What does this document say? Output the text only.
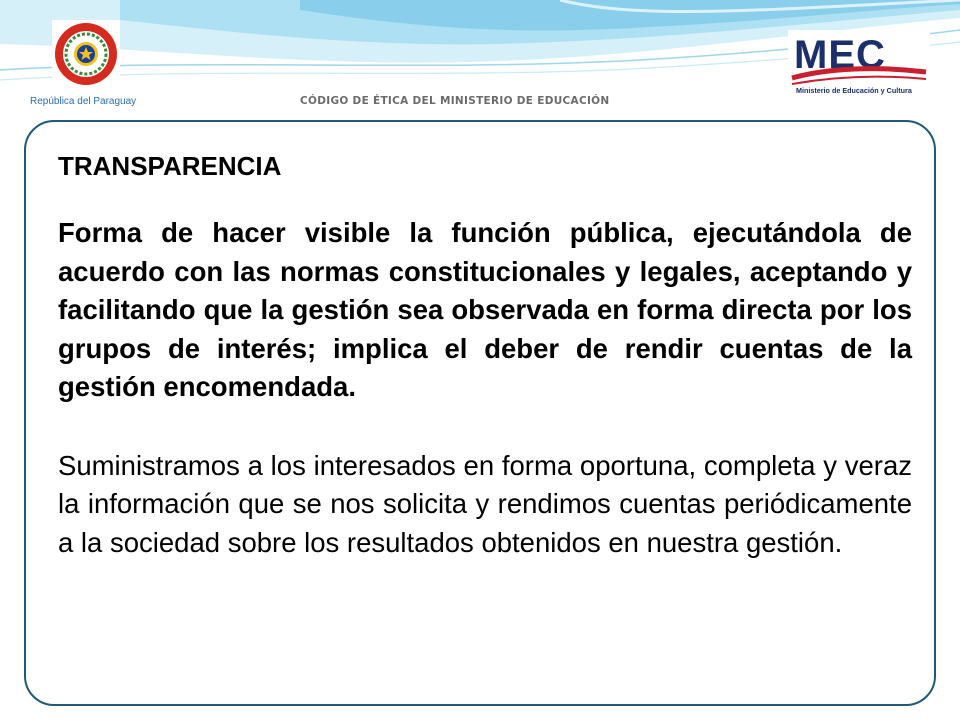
República del Paraguay	CÓDIGO DE ÉTICA DEL MINISTERIO DE EDUCACIÓN
MEC
Ministerio de Educación y Cultura
TRANSPARENCIA

Forma de hacer visible la función pública, ejecutándola de acuerdo con las normas constitucionales y legales, aceptando y facilitando que la gestión sea observada en forma directa por los grupos de interés; implica el deber de rendir cuentas de la gestión encomendada.

Suministramos a los interesados en forma oportuna, completa y veraz la información que se nos solicita y rendimos cuentas periódicamente a la sociedad sobre los resultados obtenidos en nuestra gestión.
